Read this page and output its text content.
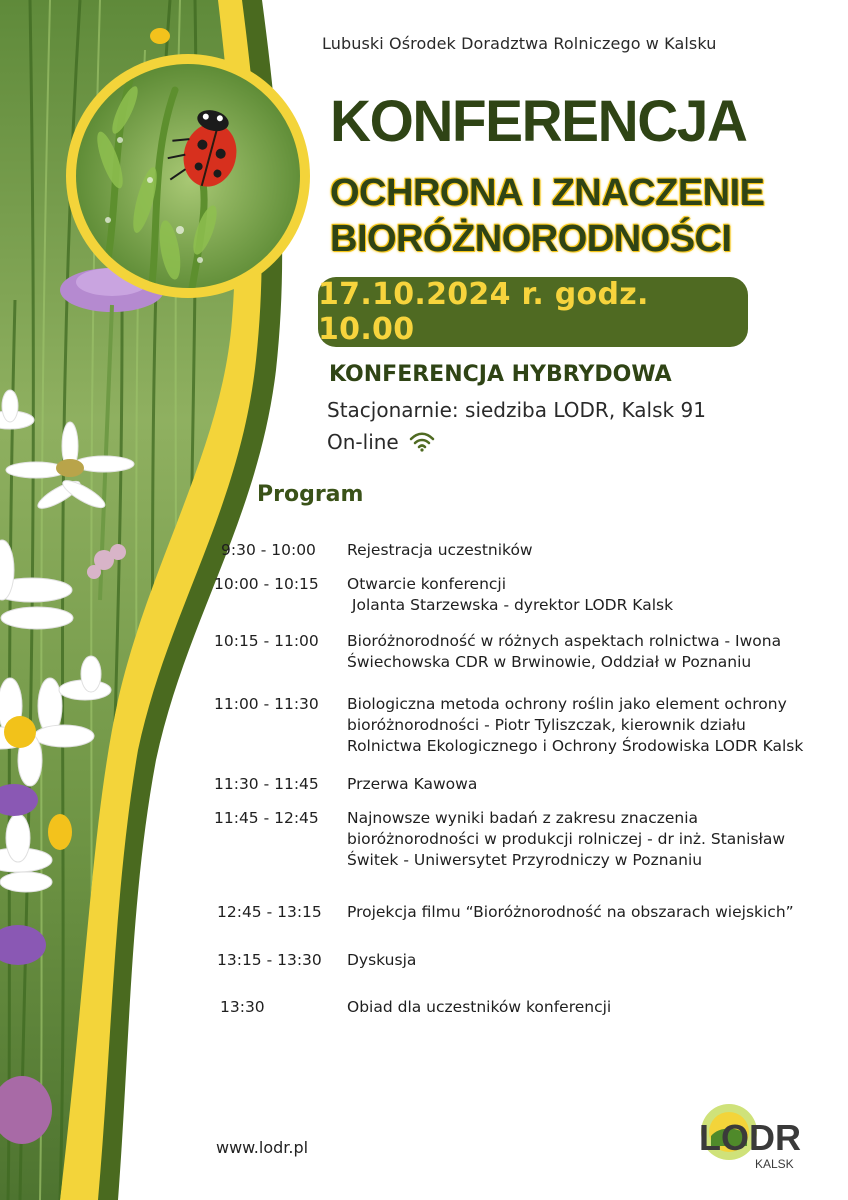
Lubuski Ośrodek Doradztwa Rolniczego w Kalsku
KONFERENCJA
OCHRONA I ZNACZENIE
BIORÓŻNORODNOŚCI
17.10.2024 r. godz. 10.00
KONFERENCJA HYBRYDOWA
Stacjonarnie: siedziba LODR, Kalsk 91
On-line
Program
9:30 - 10:00	Rejestracja uczestników
10:00 - 10:15	Otwarcie konferencji
Jolanta Starzewska - dyrektor LODR Kalsk
10:15 - 11:00	Bioróżnorodność w różnych aspektach rolnictwa - Iwona
Świechowska CDR w Brwinowie, Oddział w Poznaniu
11:00 - 11:30	Biologiczna metoda ochrony roślin jako element ochrony
bioróżnorodności - Piotr Tyliszczak, kierownik działu
Rolnictwa Ekologicznego i Ochrony Środowiska LODR Kalsk
11:30 - 11:45	Przerwa Kawowa
11:45 - 12:45	Najnowsze wyniki badań z zakresu znaczenia
bioróżnorodności w produkcji rolniczej - dr inż. Stanisław
Świtek - Uniwersytet Przyrodniczy w Poznaniu
12:45 - 13:15	Projekcja filmu “Bioróżnorodność na obszarach wiejskich”
13:15 - 13:30	Dyskusja
13:30	Obiad dla uczestników konferencji
www.lodr.pl	LODR
KALSK
